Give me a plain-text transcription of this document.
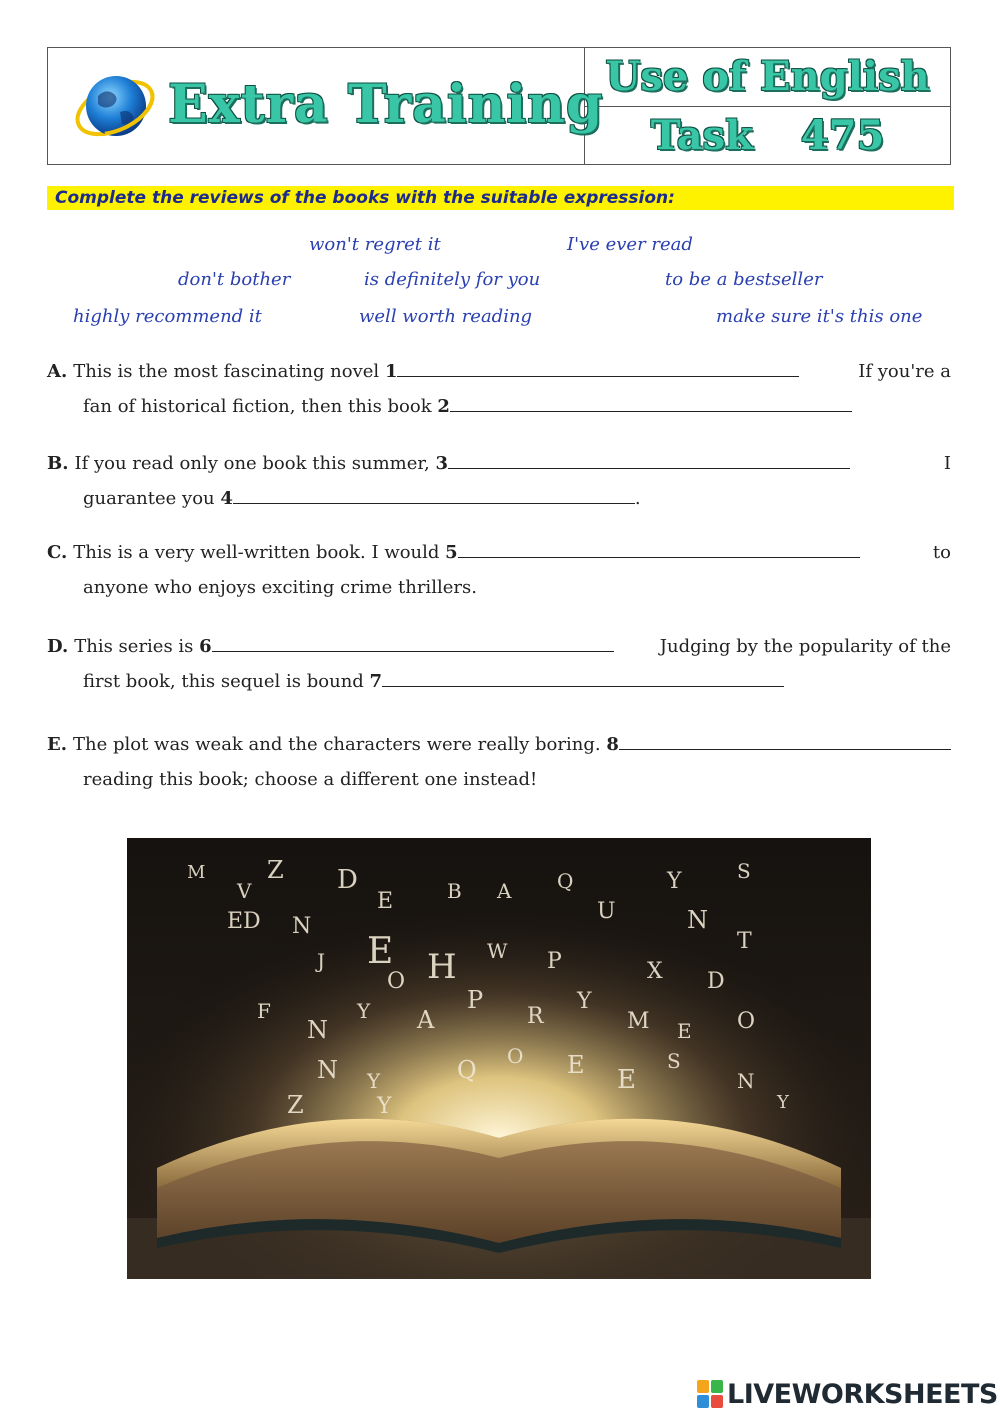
Extra Training Use of English
Task 475
Complete the reviews of the books with the suitable expression:
won't regret it	I've ever read
don't bother	is definitely for you	to be a bestseller
highly recommend it	well worth reading	make sure it's this one
A. This is the most fascinating novel 1	If you're a
fan of historical fiction, then this book
2
B. If you read only one book this summer, 3	I
guarantee you
4	.
C. This is a very well-written book. I would 5	to
anyone who enjoys exciting crime thrillers.
D. This series is 6	Judging by the popularity of the
first book, this sequel is bound
7
E. The plot was weak and the characters were really boring.
8
reading this book; choose a different one instead!
M
V
Z D
ED N
E	B A Q
U
Y	S
N
T
E H
O
J	W P	X D
F
N
Y A
P
R
Y
M E O
N Y	Q O E E
S
Z	Y
N
Y
LIVEWORKSHEETS
